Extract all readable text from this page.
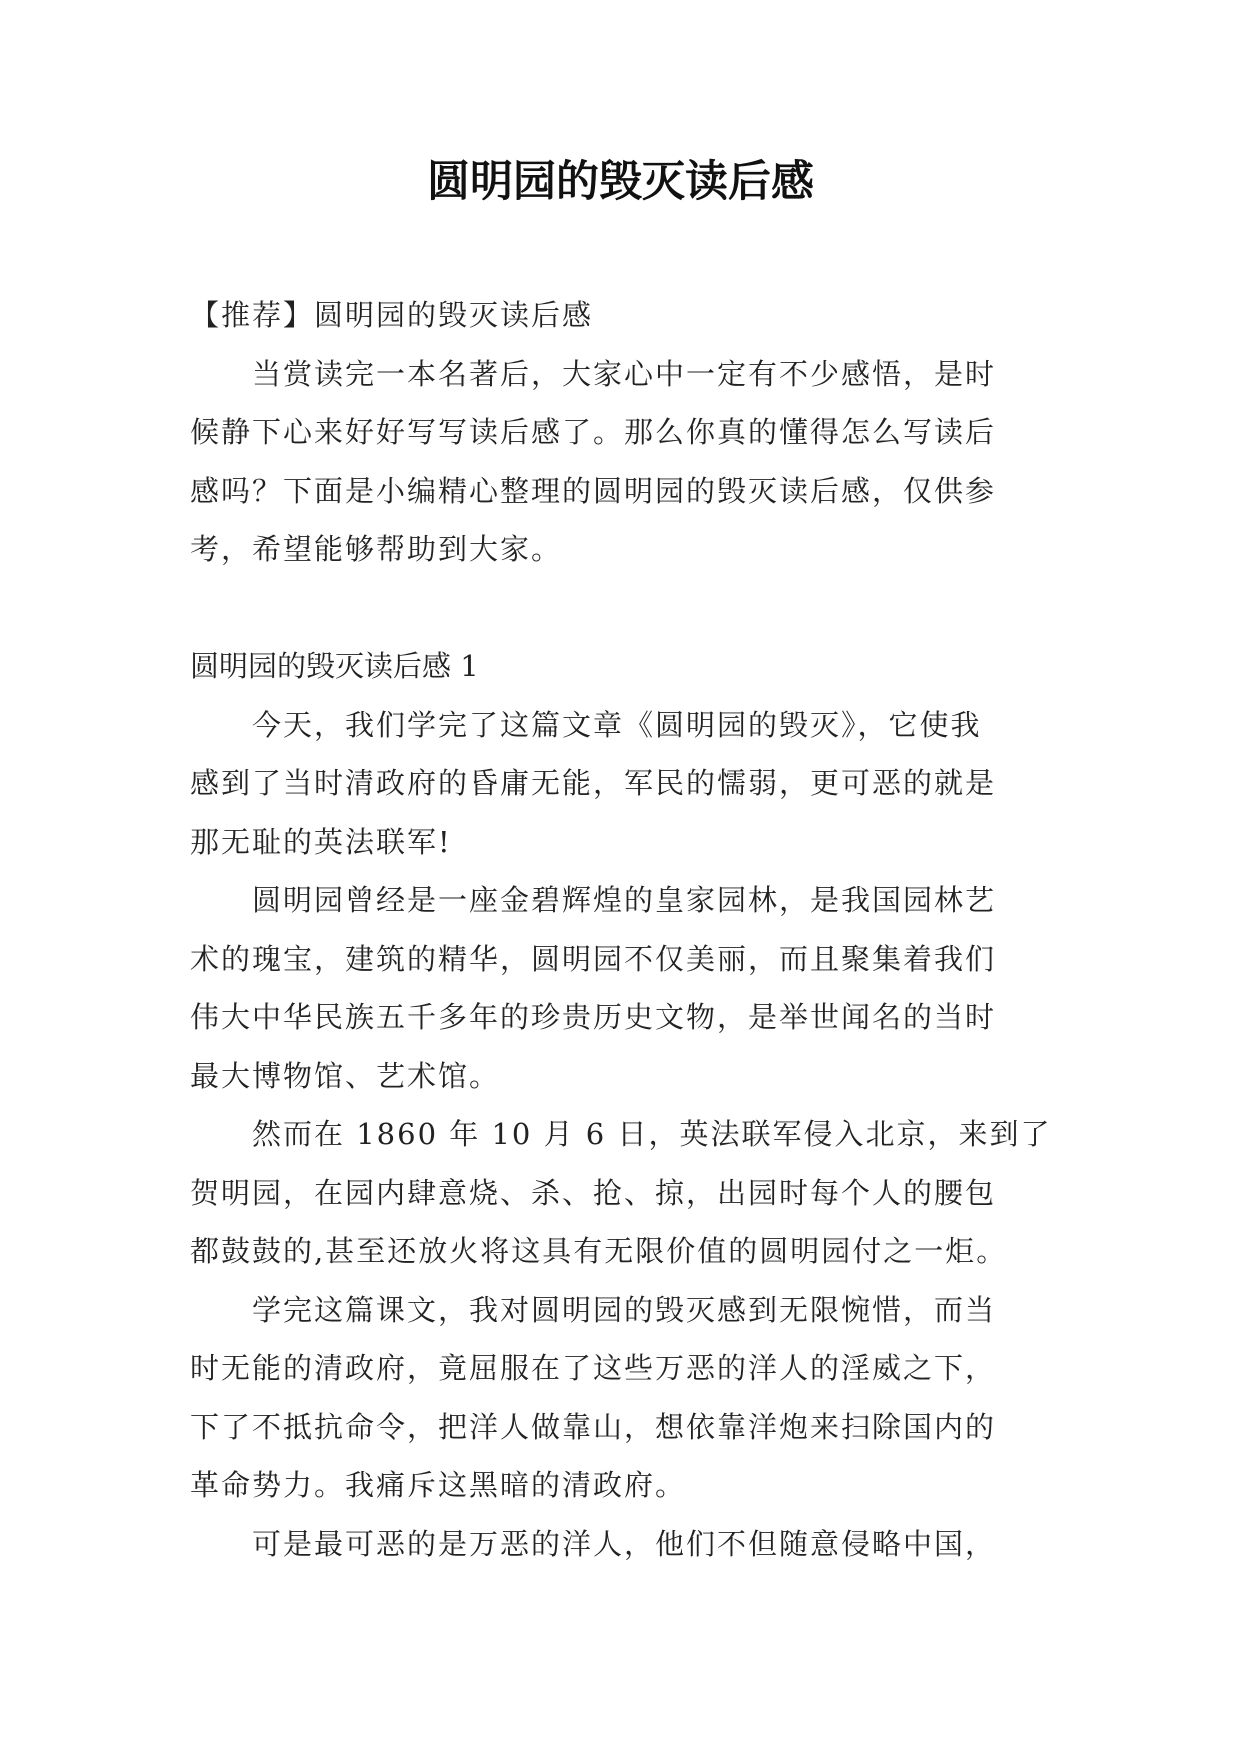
圆明园的毁灭读后感

【推荐】圆明园的毁灭读后感

当赏读完一本名著后，大家心中一定有不少感悟，是时

候静下心来好好写写读后感了。那么你真的懂得怎么写读后

感吗？下面是小编精心整理的圆明园的毁灭读后感，仅供参

考，希望能够帮助到大家。

圆明园的毁灭读后感 1

今天，我们学完了这篇文章《圆明园的毁灭》，它使我

感到了当时清政府的昏庸无能，军民的懦弱，更可恶的就是

那无耻的英法联军!

圆明园曾经是一座金碧辉煌的皇家园林，是我国园林艺

术的瑰宝，建筑的精华，圆明园不仅美丽，而且聚集着我们

伟大中华民族五千多年的珍贵历史文物，是举世闻名的当时

最大博物馆、艺术馆。

然而在 1860 年 10 月 6 日，英法联军侵入北京，来到了

贺明园，在园内肆意烧、杀、抢、掠，出园时每个人的腰包

都鼓鼓的,甚至还放火将这具有无限价值的圆明园付之一炬。

学完这篇课文，我对圆明园的毁灭感到无限惋惜，而当

时无能的清政府，竟屈服在了这些万恶的洋人的淫威之下，

下了不抵抗命令，把洋人做靠山，想依靠洋炮来扫除国内的

革命势力。我痛斥这黑暗的清政府。

可是最可恶的是万恶的洋人，他们不但随意侵略中国，
